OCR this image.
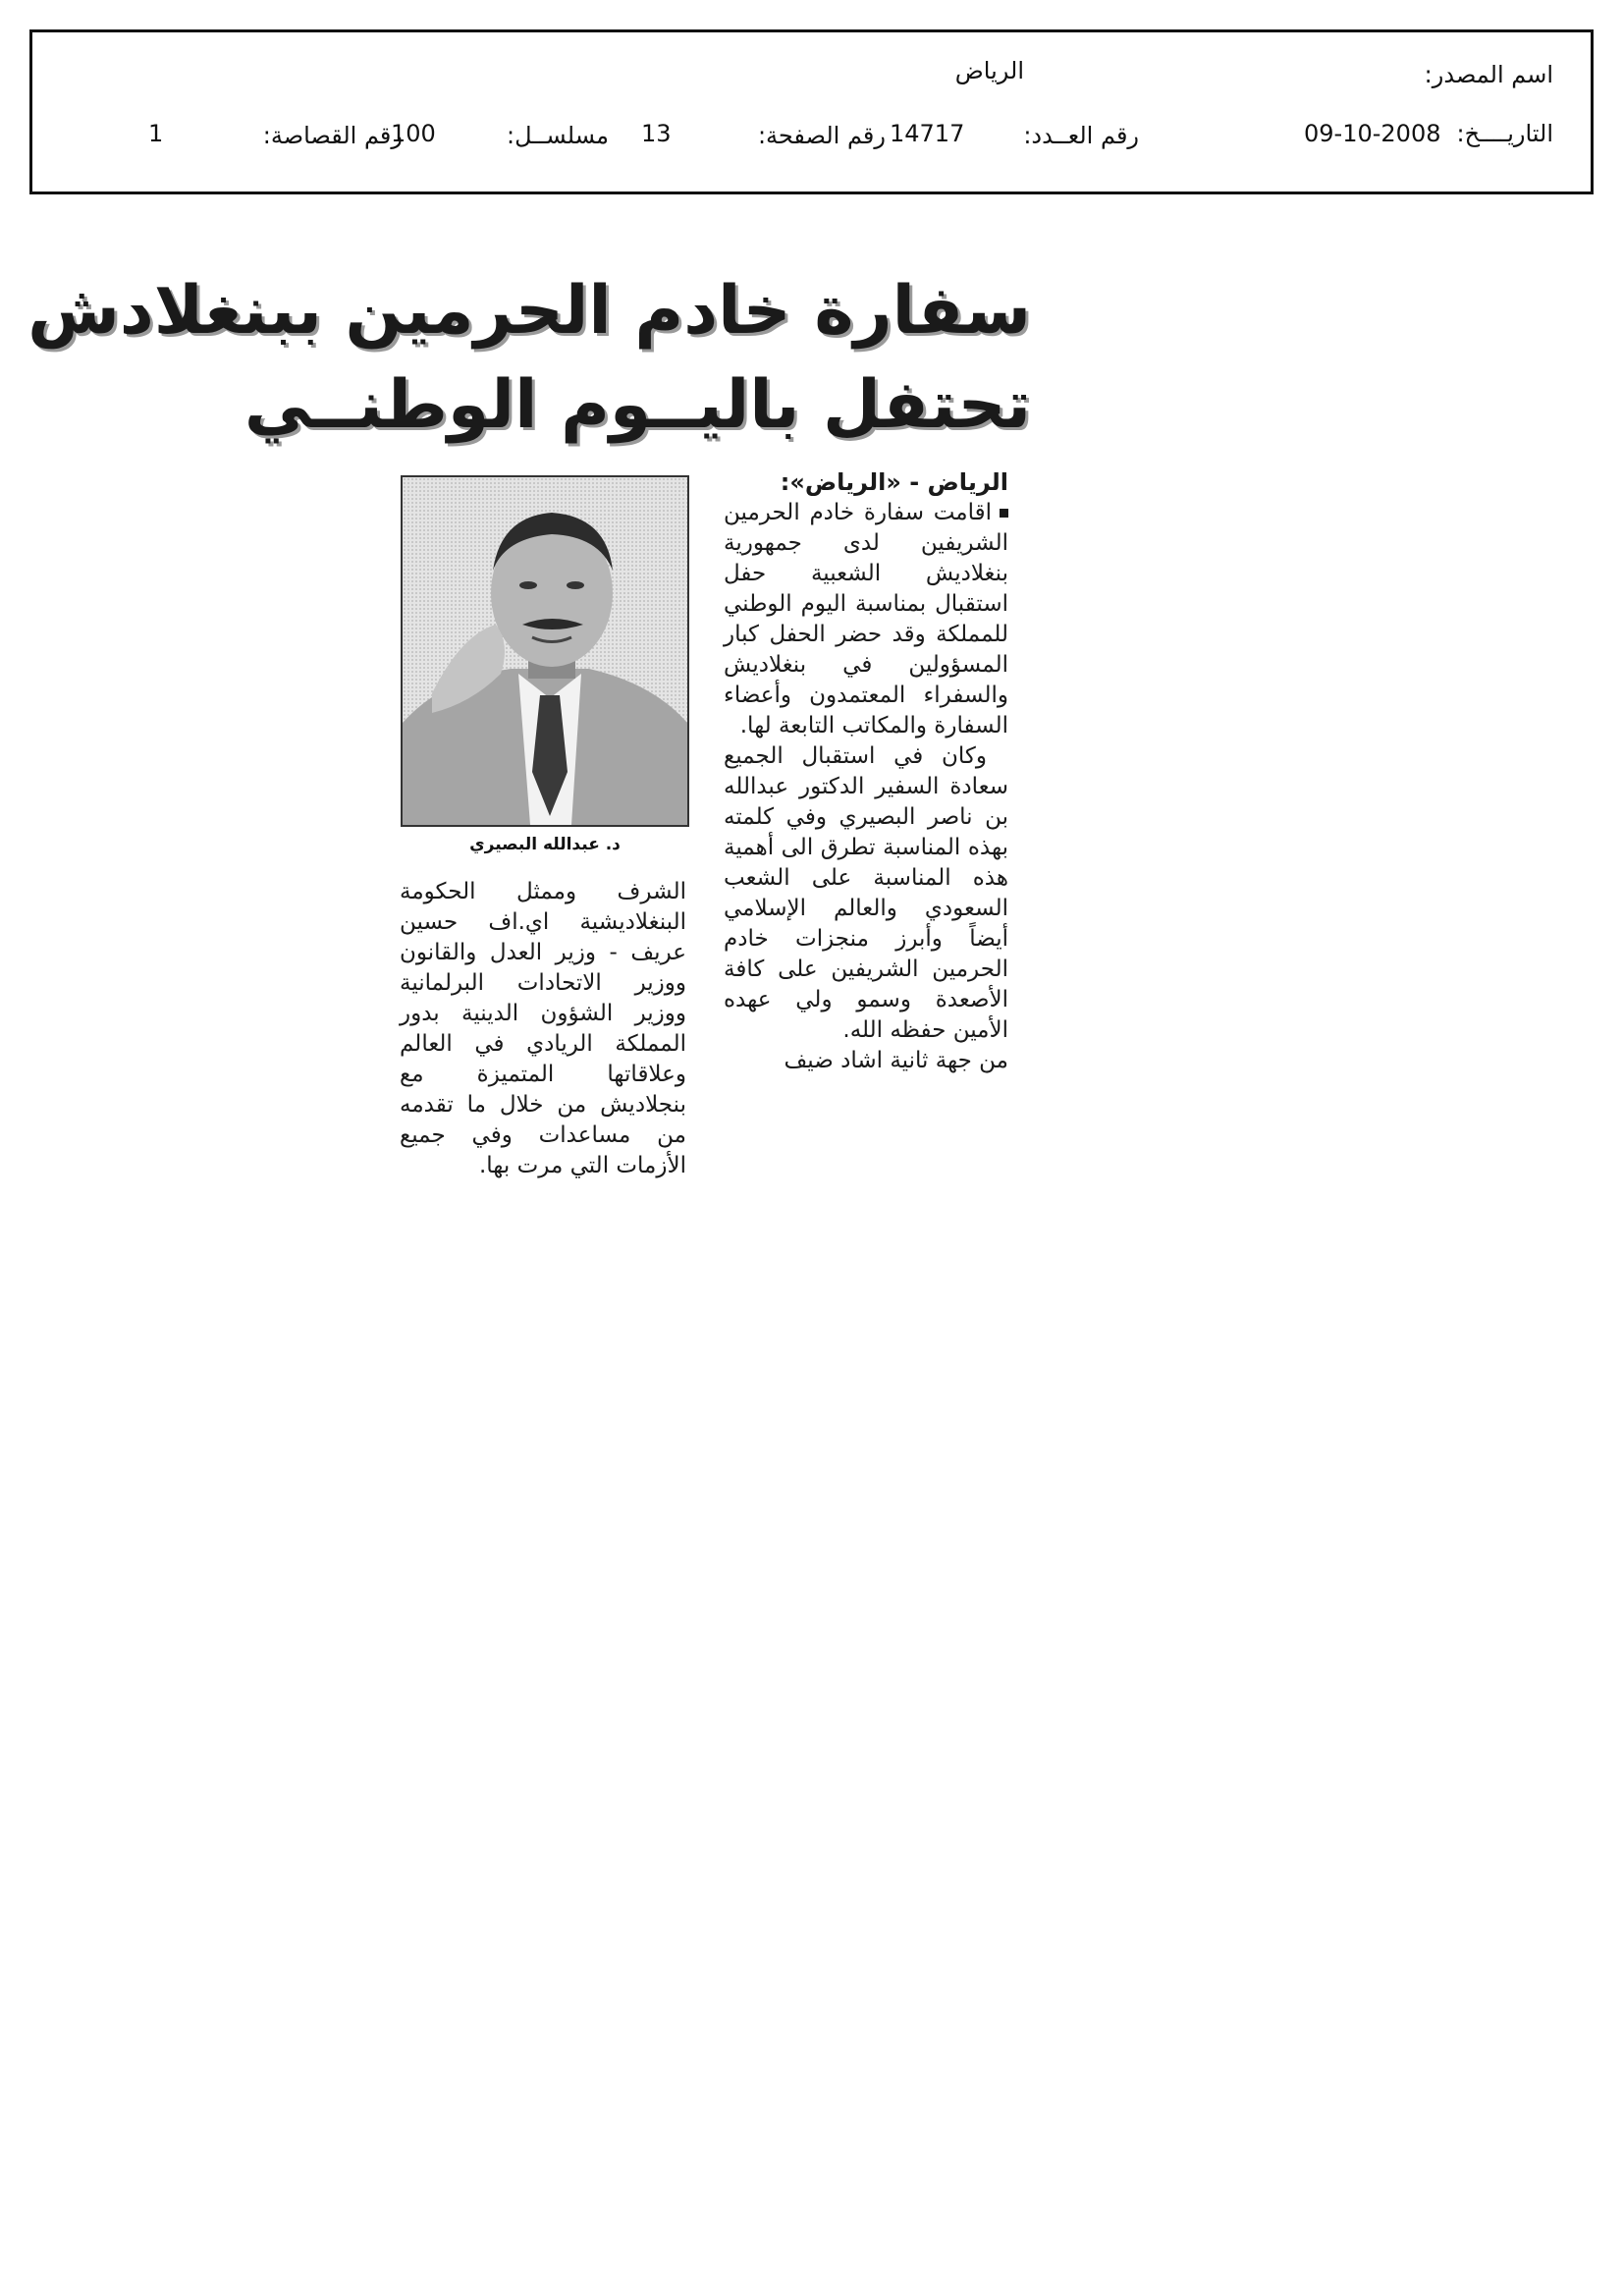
اسم المصدر:
الرياض
التاريــــخ:
09-10-2008
رقم العــدد:
14717
رقم الصفحة:
13
مسلســل:
100
رقم القصاصة:
1
سفارة خادم الحرمين ببنغلادش
تحتفل باليــوم الوطنــي

الرياض - «الرياض»:

اقامت سفارة خادم الحرمين الشريفين لدى جمهورية بنغلاديش الشعبية حفل استقبال بمناسبة اليوم الوطني للمملكة وقد حضر الحفل كبار المسؤولين في بنغلاديش والسفراء المعتمدون وأعضاء السفارة والمكاتب التابعة لها.

وكان في استقبال الجميع سعادة السفير الدكتور عبدالله بن ناصر البصيري وفي كلمته بهذه المناسبة تطرق الى أهمية هذه المناسبة على الشعب السعودي والعالم الإسلامي أيضاً وأبرز منجزات خادم الحرمين الشريفين على كافة الأصعدة وسمو ولي عهده الأمين حفظه الله.

من جهة ثانية اشاد ضيف

د. عبدالله البصيري

الشرف وممثل الحكومة البنغلاديشية اي.اف حسين عريف - وزير العدل والقانون ووزير الاتحادات البرلمانية ووزير الشؤون الدينية بدور المملكة الريادي في العالم وعلاقاتها المتميزة مع بنجلاديش من خلال ما تقدمه من مساعدات وفي جميع الأزمات التي مرت بها.
